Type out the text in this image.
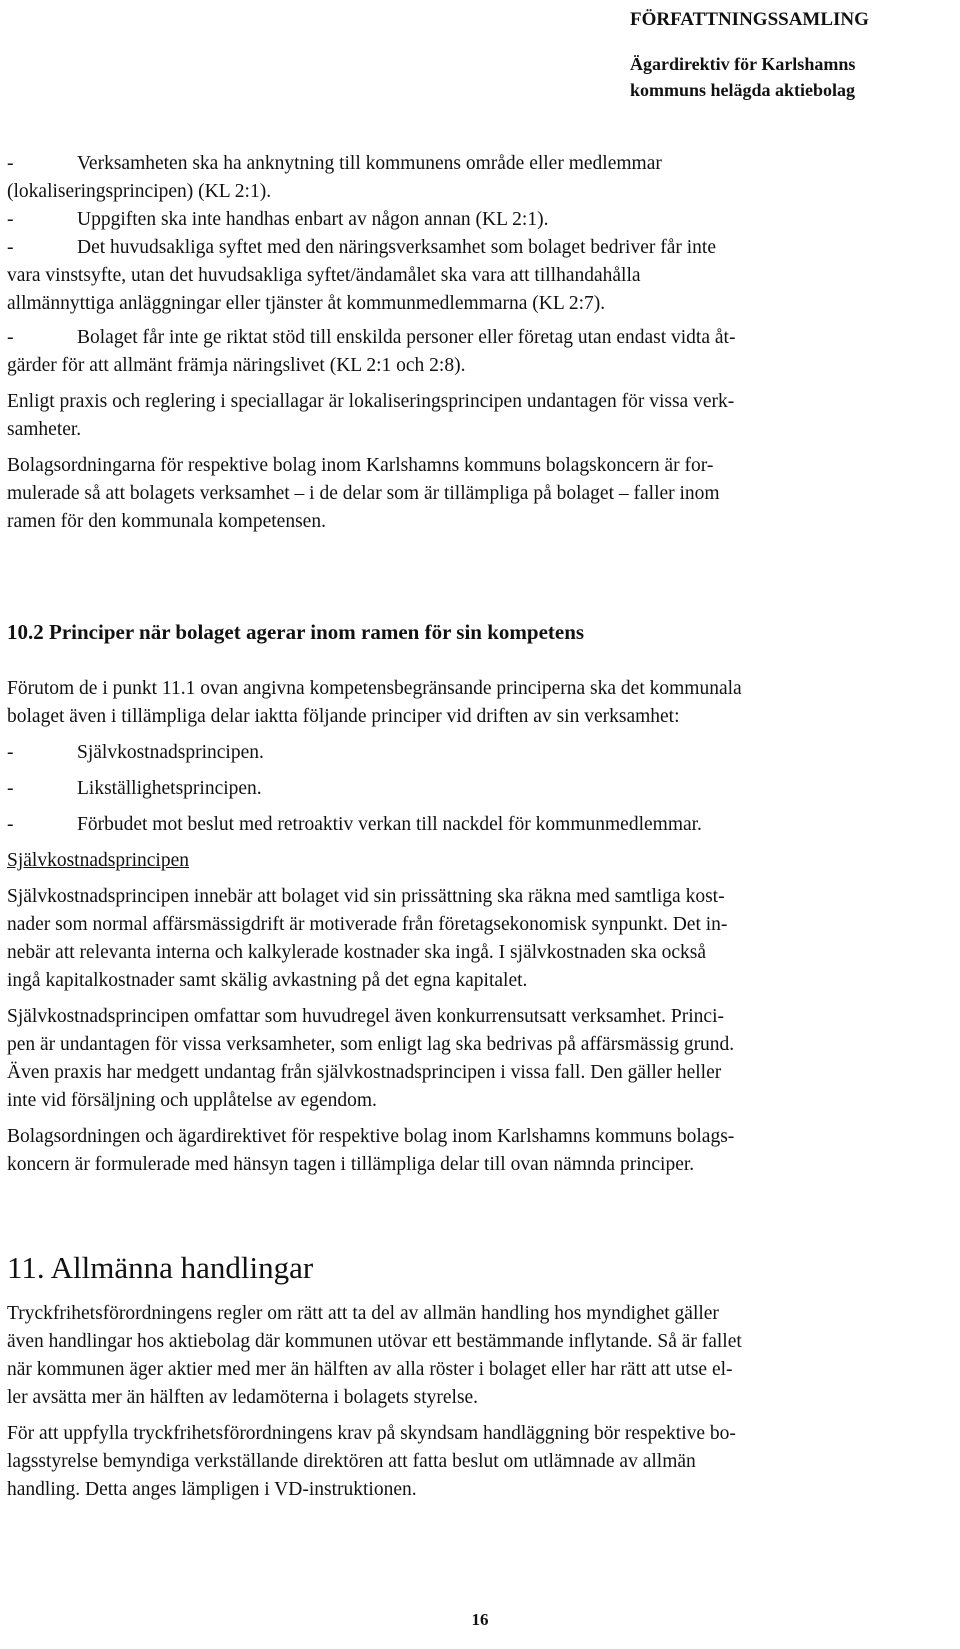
FÖRFATTNINGSSAMLING
Ägardirektiv för Karlshamns
kommuns helägda aktiebolag
-	Verksamheten ska ha anknytning till kommunens område eller medlemmar
(lokaliseringsprincipen) (KL 2:1).
-	Uppgiften ska inte handhas enbart av någon annan (KL 2:1).
-	Det huvudsakliga syftet med den näringsverksamhet som bolaget bedriver får inte
vara vinstsyfte, utan det huvudsakliga syftet/ändamålet ska vara att tillhandahålla
allmännyttiga anläggningar eller tjänster åt kommunmedlemmarna (KL 2:7).
-	Bolaget får inte ge riktat stöd till enskilda personer eller företag utan endast vidta åt-
gärder för att allmänt främja näringslivet (KL 2:1 och 2:8).

Enligt praxis och reglering i speciallagar är lokaliseringsprincipen undantagen för vissa verk-
samheter.

Bolagsordningarna för respektive bolag inom Karlshamns kommuns bolagskoncern är for-
mulerade så att bolagets verksamhet – i de delar som är tillämpliga på bolaget – faller inom
ramen för den kommunala kompetensen.

10.2 Principer när bolaget agerar inom ramen för sin kompetens

Förutom de i punkt 11.1 ovan angivna kompetensbegränsande principerna ska det kommunala
bolaget även i tillämpliga delar iaktta följande principer vid driften av sin verksamhet:

-	Självkostnadsprincipen.
-	Likställighetsprincipen.
-	Förbudet mot beslut med retroaktiv verkan till nackdel för kommunmedlemmar.

Självkostnadsprincipen

Självkostnadsprincipen innebär att bolaget vid sin prissättning ska räkna med samtliga kost-
nader som normal affärsmässigdrift är motiverade från företagsekonomisk synpunkt. Det in-
nebär att relevanta interna och kalkylerade kostnader ska ingå. I självkostnaden ska också
ingå kapitalkostnader samt skälig avkastning på det egna kapitalet.

Självkostnadsprincipen omfattar som huvudregel även konkurrensutsatt verksamhet. Princi-
pen är undantagen för vissa verksamheter, som enligt lag ska bedrivas på affärsmässig grund.
Även praxis har medgett undantag från självkostnadsprincipen i vissa fall. Den gäller heller
inte vid försäljning och upplåtelse av egendom.

Bolagsordningen och ägardirektivet för respektive bolag inom Karlshamns kommuns bolags-
koncern är formulerade med hänsyn tagen i tillämpliga delar till ovan nämnda principer.

11. Allmänna handlingar

Tryckfrihetsförordningens regler om rätt att ta del av allmän handling hos myndighet gäller
även handlingar hos aktiebolag där kommunen utövar ett bestämmande inflytande. Så är fallet
när kommunen äger aktier med mer än hälften av alla röster i bolaget eller har rätt att utse el-
ler avsätta mer än hälften av ledamöterna i bolagets styrelse.

För att uppfylla tryckfrihetsförordningens krav på skyndsam handläggning bör respektive bo-
lagsstyrelse bemyndiga verkställande direktören att fatta beslut om utlämnade av allmän
handling. Detta anges lämpligen i VD-instruktionen.

16
